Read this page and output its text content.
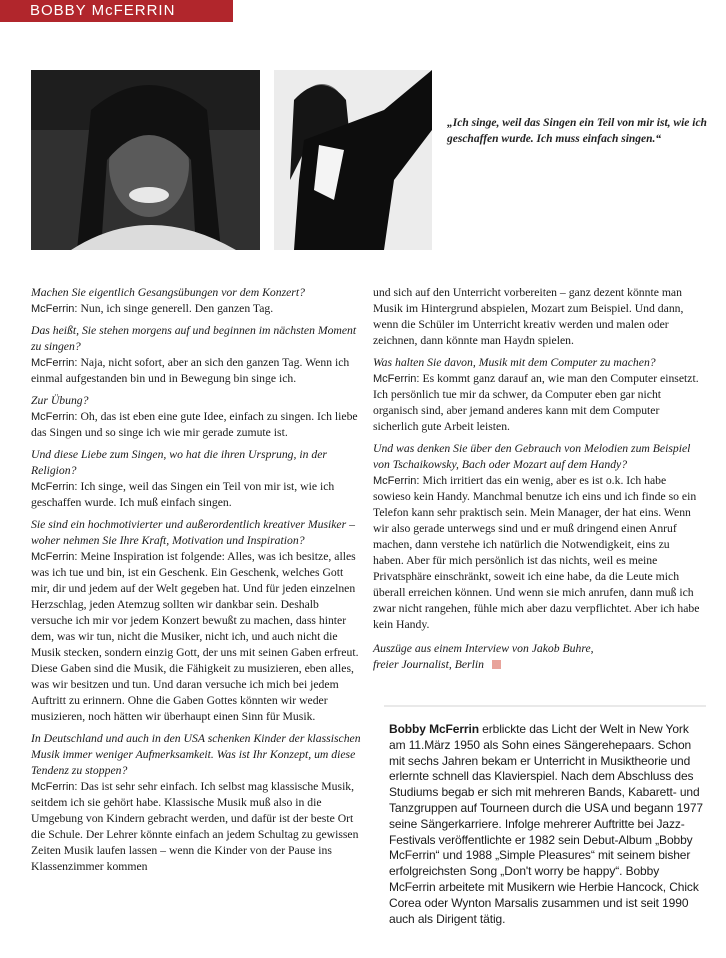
BOBBY McFERRIN
„Ich singe, weil das Singen ein Teil von mir ist, wie ich geschaffen wurde. Ich muss einfach singen.“
Machen Sie eigentlich Gesangsübungen vor dem Konzert?
McFerrin: Nun, ich singe generell. Den ganzen Tag.
Das heißt, Sie stehen morgens auf und beginnen im nächsten Moment zu singen?
McFerrin: Naja, nicht sofort, aber an sich den ganzen Tag. Wenn ich einmal aufgestanden bin und in Bewegung bin singe ich.
Zur Übung?
McFerrin: Oh, das ist eben eine gute Idee, einfach zu singen. Ich liebe das Singen und so singe ich wie mir gerade zumute ist.
Und diese Liebe zum Singen, wo hat die ihren Ursprung, in der Religion?
McFerrin: Ich singe, weil das Singen ein Teil von mir ist, wie ich geschaffen wurde. Ich muß einfach singen.
Sie sind ein hochmotivierter und außerordentlich kreativer Musiker – woher nehmen Sie Ihre Kraft, Motivation und Inspiration?
McFerrin: Meine Inspiration ist folgende: Alles, was ich besitze, alles was ich tue und bin, ist ein Geschenk. Ein Geschenk, welches Gott mir, dir und jedem auf der Welt gegeben hat. Und für jeden einzelnen Herzschlag, jeden Atemzug sollten wir dankbar sein. Deshalb versuche ich mir vor jedem Konzert bewußt zu machen, dass hinter dem, was wir tun, nicht die Musiker, nicht ich, und auch nicht die Musik stecken, sondern einzig Gott, der uns mit seinen Gaben erfreut. Diese Gaben sind die Musik, die Fähigkeit zu musizieren, eben alles, was wir besitzen und tun. Und daran versuche ich mich bei jedem Auftritt zu erinnern. Ohne die Gaben Gottes könnten wir weder musizieren, noch hätten wir überhaupt einen Sinn für Musik.
In Deutschland und auch in den USA schenken Kinder der klassischen Musik immer weniger Aufmerksamkeit. Was ist Ihr Konzept, um diese Tendenz zu stoppen?
McFerrin: Das ist sehr sehr einfach. Ich selbst mag klassische Musik, seitdem ich sie gehört habe. Klassische Musik muß also in die Umgebung von Kindern gebracht werden, und dafür ist der beste Ort die Schule. Der Lehrer könnte einfach an jedem Schultag zu gewissen Zeiten Musik laufen lassen – wenn die Kinder von der Pause ins Klassenzimmer kommen
und sich auf den Unterricht vorbereiten – ganz dezent könnte man Musik im Hintergrund abspielen, Mozart zum Beispiel. Und dann, wenn die Schüler im Unterricht kreativ werden und malen oder zeichnen, dann könnte man Haydn spielen.
Was halten Sie davon, Musik mit dem Computer zu machen?
McFerrin: Es kommt ganz darauf an, wie man den Computer einsetzt. Ich persönlich tue mir da schwer, da Computer eben gar nicht organisch sind, aber jemand anderes kann mit dem Computer sicherlich gute Arbeit leisten.
Und was denken Sie über den Gebrauch von Melodien zum Beispiel von Tschaikowsky, Bach oder Mozart auf dem Handy?
McFerrin: Mich irritiert das ein wenig, aber es ist o.k. Ich habe sowieso kein Handy. Manchmal benutze ich eins und ich finde so ein Telefon kann sehr praktisch sein. Mein Manager, der hat eins. Wenn wir also gerade unterwegs sind und er muß dringend einen Anruf machen, dann verstehe ich natürlich die Notwendigkeit, eins zu haben. Aber für mich persönlich ist das nichts, weil es meine Privatsphäre einschränkt, soweit ich eine habe, da die Leute mich überall erreichen können. Und wenn sie mich anrufen, dann muß ich zwar nicht rangehen, fühle mich aber dazu verpflichtet. Aber ich habe kein Handy.
Auszüge aus einem Interview von Jakob Buhre,
freier Journalist, Berlin
Bobby McFerrin erblickte das Licht der Welt in New York am 11.März 1950 als Sohn eines Sängerehepaars. Schon mit sechs Jahren bekam er Unterricht in Musiktheorie und erlernte schnell das Klavierspiel. Nach dem Abschluss des Studiums begab er sich mit mehreren Bands, Kabarett- und Tanzgruppen auf Tourneen durch die USA und begann 1977 seine Sängerkarriere. Infolge mehrerer Auftritte bei Jazz-Festivals veröffentlichte er 1982 sein Debut-Album „Bobby McFerrin“ und 1988 „Simple Pleasures“ mit seinem bisher erfolgreichsten Song „Don't worry be happy“. Bobby McFerrin arbeitete mit Musikern wie Herbie Hancock, Chick Corea oder Wynton Marsalis zusammen und ist seit 1990 auch als Dirigent tätig.
